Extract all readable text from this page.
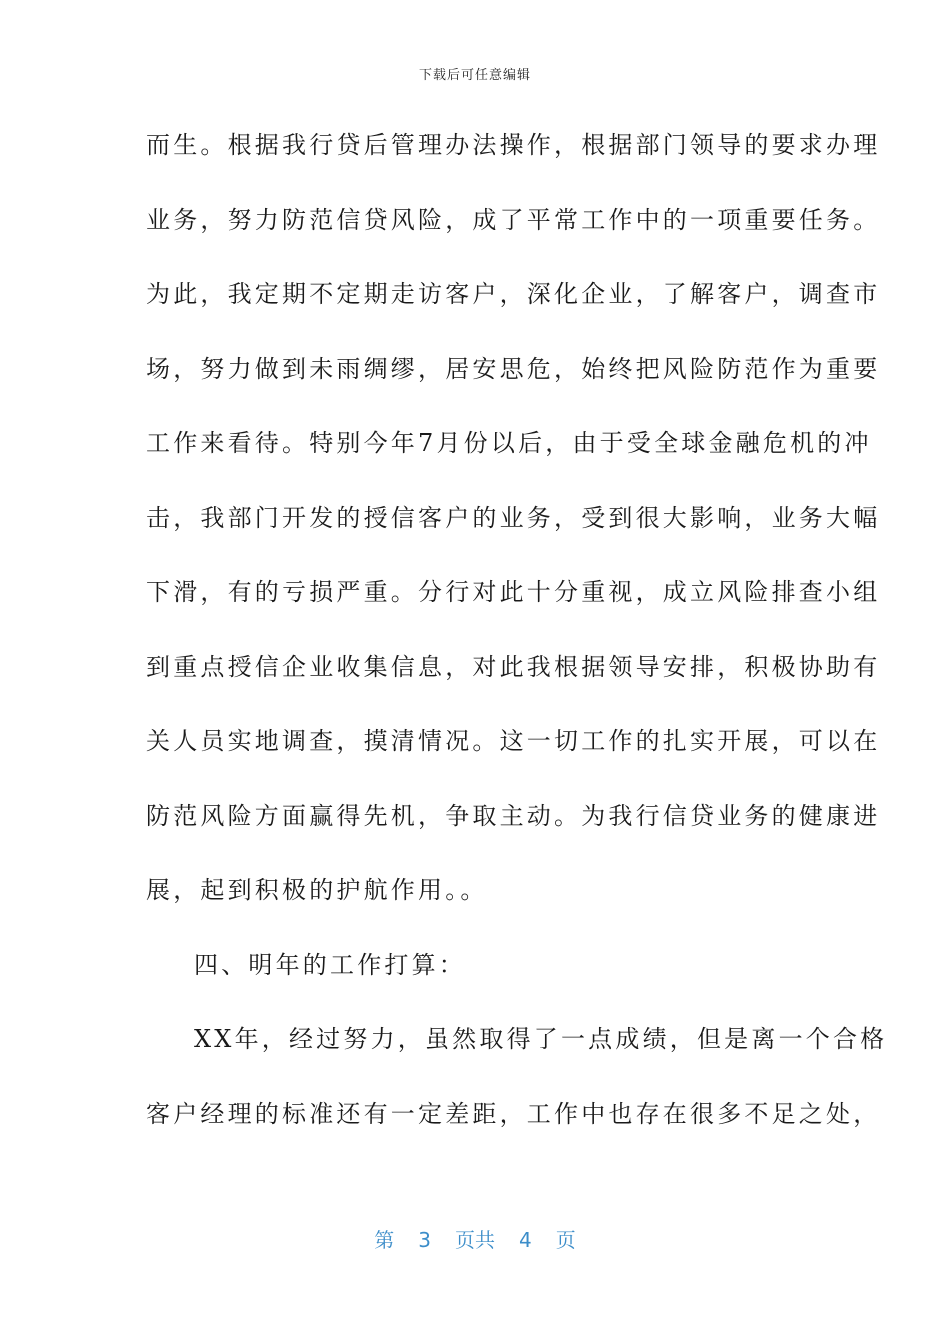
下载后可任意编辑
而生。根据我行贷后管理办法操作，根据部门领导的要求办理
业务，努力防范信贷风险，成了平常工作中的一项重要任务。
为此，我定期不定期走访客户，深化企业，了解客户，调查市
场，努力做到未雨绸缪，居安思危，始终把风险防范作为重要
工作来看待。特别今年7月份以后，由于受全球金融危机的冲
击，我部门开发的授信客户的业务，受到很大影响，业务大幅
下滑，有的亏损严重。分行对此十分重视，成立风险排查小组
到重点授信企业收集信息，对此我根据领导安排，积极协助有
关人员实地调查，摸清情况。这一切工作的扎实开展，可以在
防范风险方面赢得先机，争取主动。为我行信贷业务的健康进
展，起到积极的护航作用。。
四、明年的工作打算：
XX年，经过努力，虽然取得了一点成绩，但是离一个合格
客户经理的标准还有一定差距，工作中也存在很多不足之处，
第 3 页共 4 页
